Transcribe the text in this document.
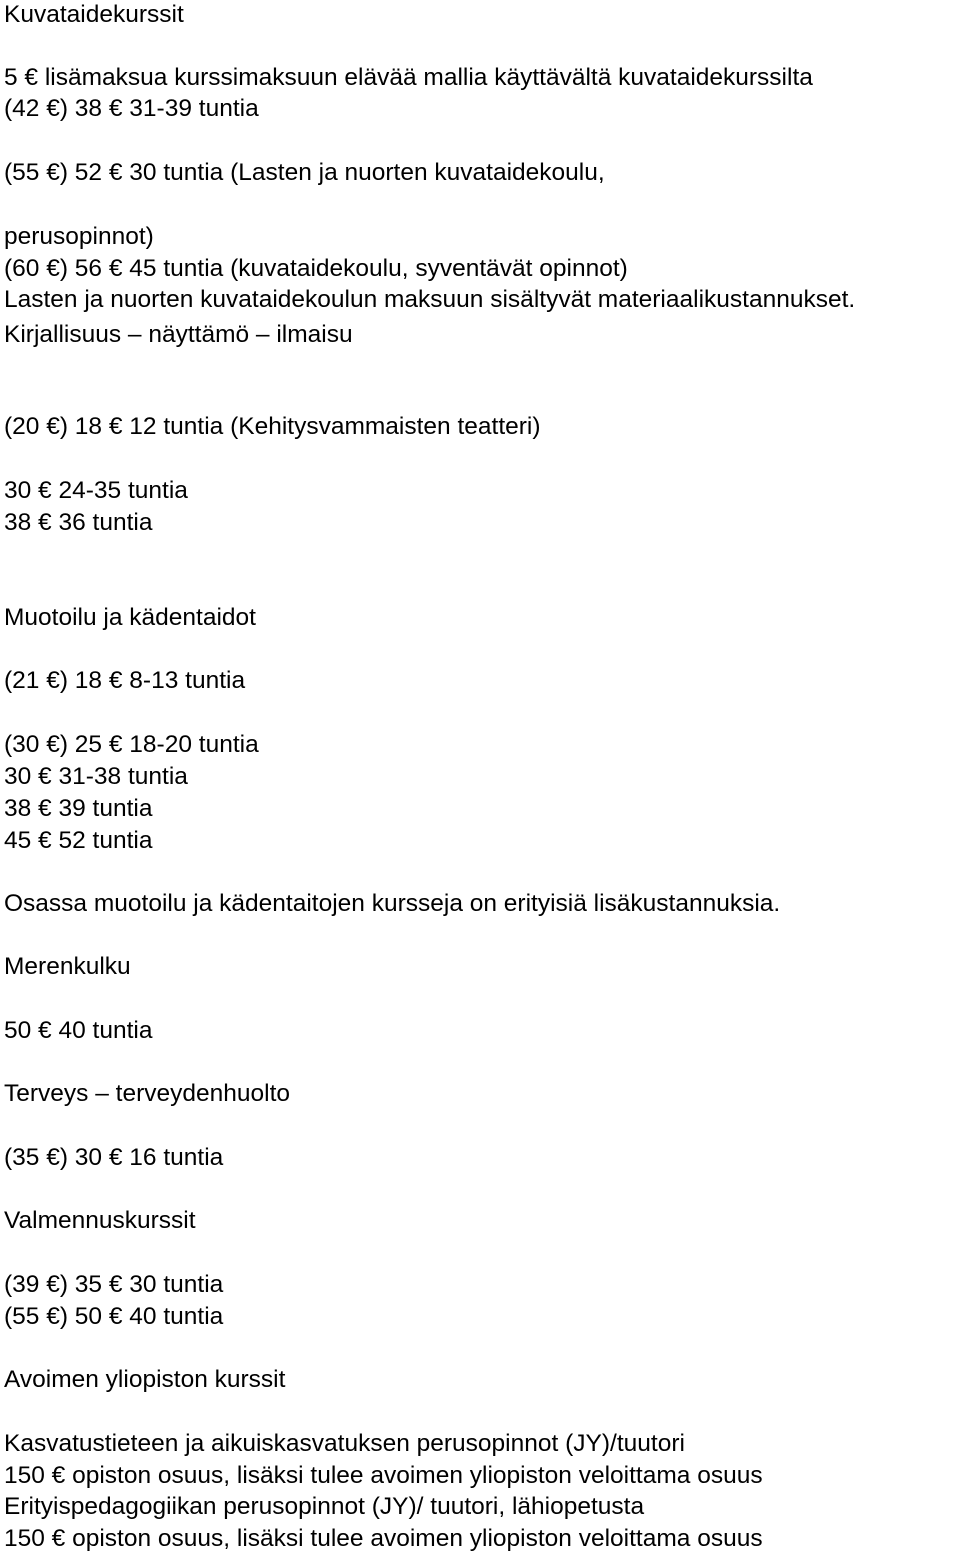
Kuvataidekurssit
5 € lisämaksua kurssimaksuun elävää mallia käyttävältä kuvataidekurssilta
(42 €) 38 € 31-39 tuntia
(55 €) 52 € 30 tuntia (Lasten ja nuorten kuvataidekoulu,
perusopinnot)
(60 €) 56 € 45 tuntia (kuvataidekoulu, syventävät opinnot)
Lasten ja nuorten kuvataidekoulun maksuun sisältyvät materiaalikustannukset.
Kirjallisuus – näyttämö – ilmaisu
(20 €) 18 € 12 tuntia (Kehitysvammaisten teatteri)
30 € 24-35 tuntia
38 € 36 tuntia
Muotoilu ja kädentaidot
(21 €) 18 € 8-13 tuntia
(30 €) 25 € 18-20 tuntia
30 € 31-38 tuntia
38 € 39 tuntia
45 € 52 tuntia
Osassa muotoilu ja kädentaitojen kursseja on erityisiä lisäkustannuksia.
Merenkulku
50 € 40 tuntia
Terveys – terveydenhuolto
(35 €) 30 € 16 tuntia
Valmennuskurssit
(39 €) 35 € 30 tuntia
(55 €) 50 € 40 tuntia
Avoimen yliopiston kurssit
Kasvatustieteen ja aikuiskasvatuksen perusopinnot (JY)/tuutori
150 € opiston osuus, lisäksi tulee avoimen yliopiston veloittama osuus
Erityispedagogiikan perusopinnot (JY)/ tuutori, lähiopetusta
150 € opiston osuus, lisäksi tulee avoimen yliopiston veloittama osuus
